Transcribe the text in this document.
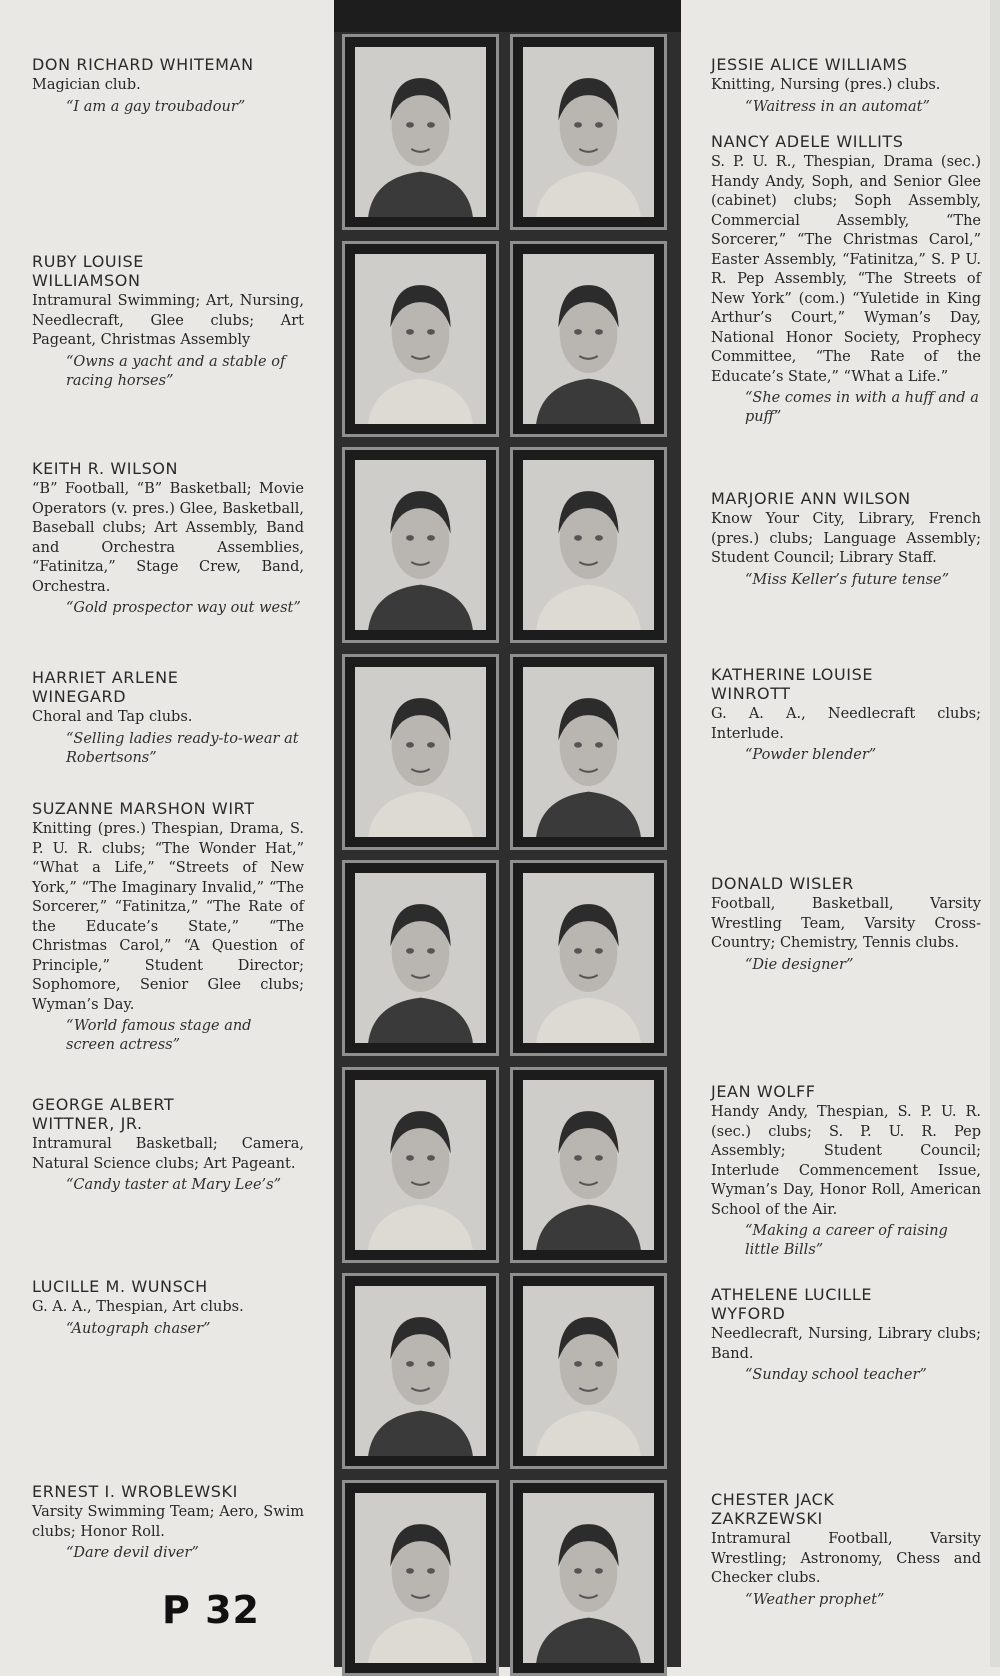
DON RICHARD WHITEMAN
Magician club.
“I am a gay troubadour”
RUBY LOUISE WILLIAMSON
Intramural Swimming; Art, Nursing, Needlecraft, Glee clubs; Art Pageant, Christmas Assembly
“Owns a yacht and a stable of racing horses”
KEITH R. WILSON
“B” Football, “B” Basketball; Movie Operators (v. pres.) Glee, Basketball, Baseball clubs; Art Assembly, Band and Orchestra Assemblies, “Fatinitza,” Stage Crew, Band, Orchestra.
“Gold prospector way out west”
HARRIET ARLENE WINEGARD
Choral and Tap clubs.
“Selling ladies ready-to-wear at Robertsons”
SUZANNE MARSHON WIRT
Knitting (pres.) Thespian, Drama, S. P. U. R. clubs; “The Wonder Hat,” “What a Life,” “Streets of New York,” “The Imaginary Invalid,” “The Sorcerer,” “Fatinitza,” “The Rate of the Educate’s State,” “The Christmas Carol,” “A Question of Principle,” Student Director; Sophomore, Senior Glee clubs; Wyman’s Day.
“World famous stage and screen actress”
GEORGE ALBERT WITTNER, JR.
Intramural Basketball; Camera, Natural Science clubs; Art Pageant.
“Candy taster at Mary Lee’s”
LUCILLE M. WUNSCH
G. A. A., Thespian, Art clubs.
“Autograph chaser”
ERNEST I. WROBLEWSKI
Varsity Swimming Team; Aero, Swim clubs; Honor Roll.
“Dare devil diver”
JESSIE ALICE WILLIAMS
Knitting, Nursing (pres.) clubs.
“Waitress in an automat”
NANCY ADELE WILLITS
S. P. U. R., Thespian, Drama (sec.) Handy Andy, Soph, and Senior Glee (cabinet) clubs; Soph Assembly, Commercial Assembly, “The Sorcerer,” “The Christmas Carol,” Easter Assembly, “Fatinitza,” S. P U. R. Pep Assembly, “The Streets of New York” (com.) “Yuletide in King Arthur’s Court,” Wyman’s Day, National Honor Society, Prophecy Committee, “The Rate of the Educate’s State,” “What a Life.”
“She comes in with a huff and a puff”
MARJORIE ANN WILSON
Know Your City, Library, French (pres.) clubs; Language Assembly; Student Council; Library Staff.
“Miss Keller’s future tense”
KATHERINE LOUISE WINROTT
G. A. A., Needlecraft clubs; Interlude.
“Powder blender”
DONALD WISLER
Football, Basketball, Varsity Wrestling Team, Varsity Cross-Country; Chemistry, Tennis clubs.
“Die designer”
JEAN WOLFF
Handy Andy, Thespian, S. P. U. R. (sec.) clubs; S. P. U. R. Pep Assembly; Student Council; Interlude Commencement Issue, Wyman’s Day, Honor Roll, American School of the Air.
“Making a career of raising little Bills”
ATHELENE LUCILLE WYFORD
Needlecraft, Nursing, Library clubs; Band.
“Sunday school teacher”
CHESTER JACK ZAKRZEWSKI
Intramural Football, Varsity Wrestling; Astronomy, Chess and Checker clubs.
“Weather prophet”
P 32
